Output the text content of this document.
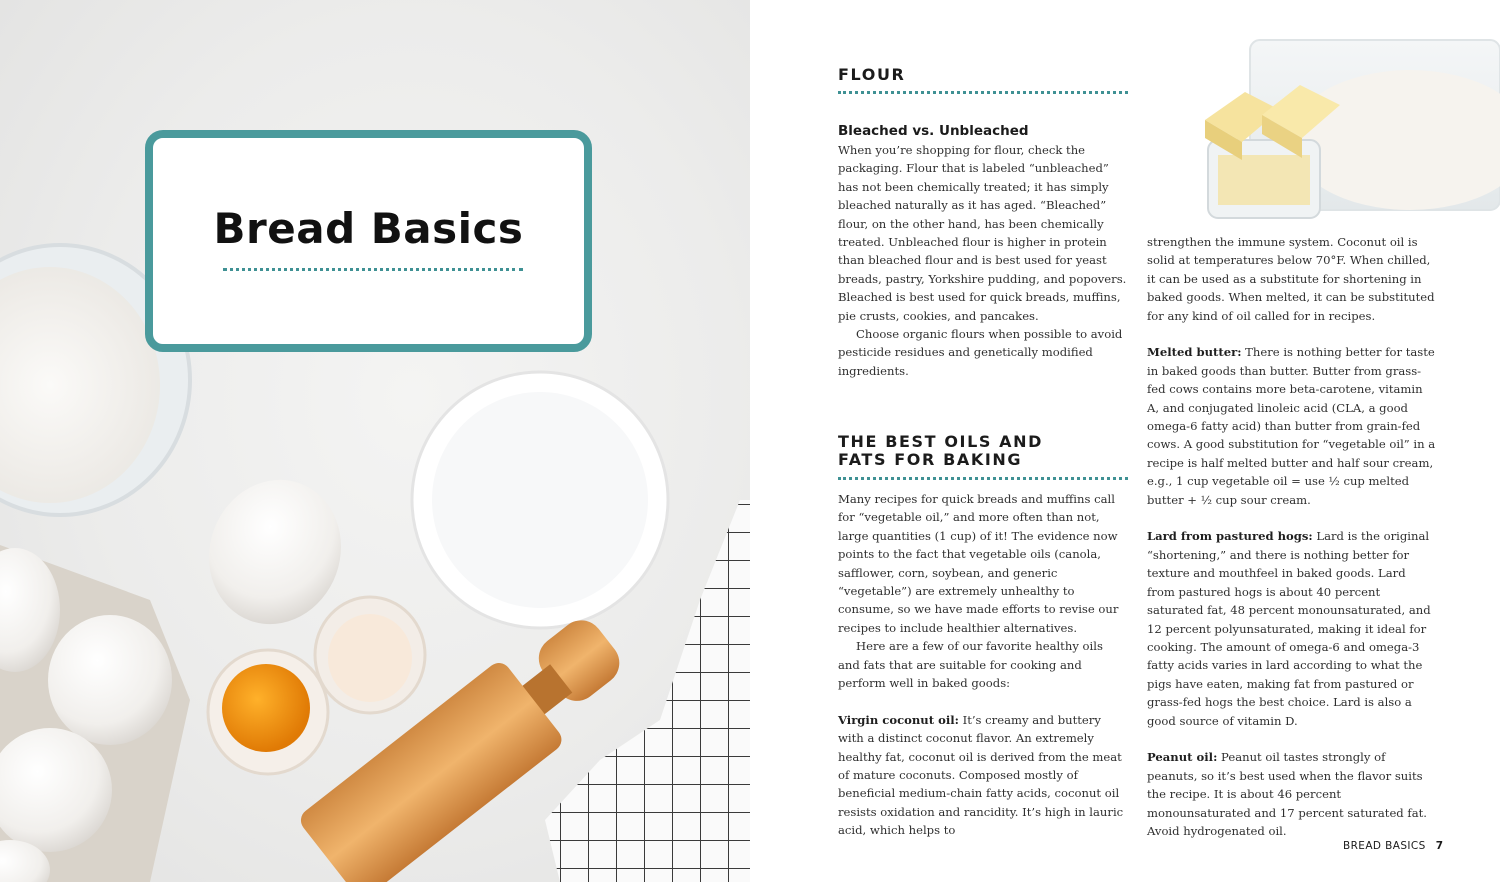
Bread Basics
FLOUR
Bleached vs. Unbleached

When you’re shopping for flour, check the packaging. Flour that is labeled “unbleached” has not been chemically treated; it has simply bleached naturally as it has aged. “Bleached” flour, on the other hand, has been chemically treated. Unbleached flour is higher in protein than bleached flour and is best used for yeast breads, pastry, Yorkshire pudding, and popovers. Bleached is best used for quick breads, muffins, pie crusts, cookies, and pancakes.

Choose organic flours when possible to avoid pesticide residues and genetically modified ingredients.

THE BEST OILS AND
FATS FOR BAKING

Many recipes for quick breads and muffins call for “vegetable oil,” and more often than not, large quantities (1 cup) of it! The evidence now points to the fact that vegetable oils (canola, safflower, corn, soybean, and generic “vegetable”) are extremely unhealthy to consume, so we have made efforts to revise our recipes to include healthier alternatives.

Here are a few of our favorite healthy oils and fats that are suitable for cooking and perform well in baked goods:

Virgin coconut oil: It’s creamy and buttery with a distinct coconut flavor. An extremely healthy fat, coconut oil is derived from the meat of mature coconuts. Composed mostly of beneficial medium-chain fatty acids, coconut oil resists oxidation and rancidity. It’s high in lauric acid, which helps to

strengthen the immune system. Coconut oil is solid at temperatures below 70°F. When chilled, it can be used as a substitute for shortening in baked goods. When melted, it can be substituted for any kind of oil called for in recipes.

Melted butter: There is nothing better for taste in baked goods than butter. Butter from grass-fed cows contains more beta-carotene, vitamin A, and conjugated linoleic acid (CLA, a good omega-6 fatty acid) than butter from grain-fed cows. A good substitution for “vegetable oil” in a recipe is half melted butter and half sour cream, e.g., 1 cup vegetable oil = use ½ cup melted butter + ½ cup sour cream.

Lard from pastured hogs: Lard is the original “shortening,” and there is nothing better for texture and mouthfeel in baked goods. Lard from pastured hogs is about 40 percent saturated fat, 48 percent monounsaturated, and 12 percent polyunsaturated, making it ideal for cooking. The amount of omega-6 and omega-3 fatty acids varies in lard according to what the pigs have eaten, making fat from pastured or grass-fed hogs the best choice. Lard is also a good source of vitamin D.

Peanut oil: Peanut oil tastes strongly of peanuts, so it’s best used when the flavor suits the recipe. It is about 46 percent monounsaturated and 17 percent saturated fat. Avoid hydrogenated oil.

BREAD BASICS 7
